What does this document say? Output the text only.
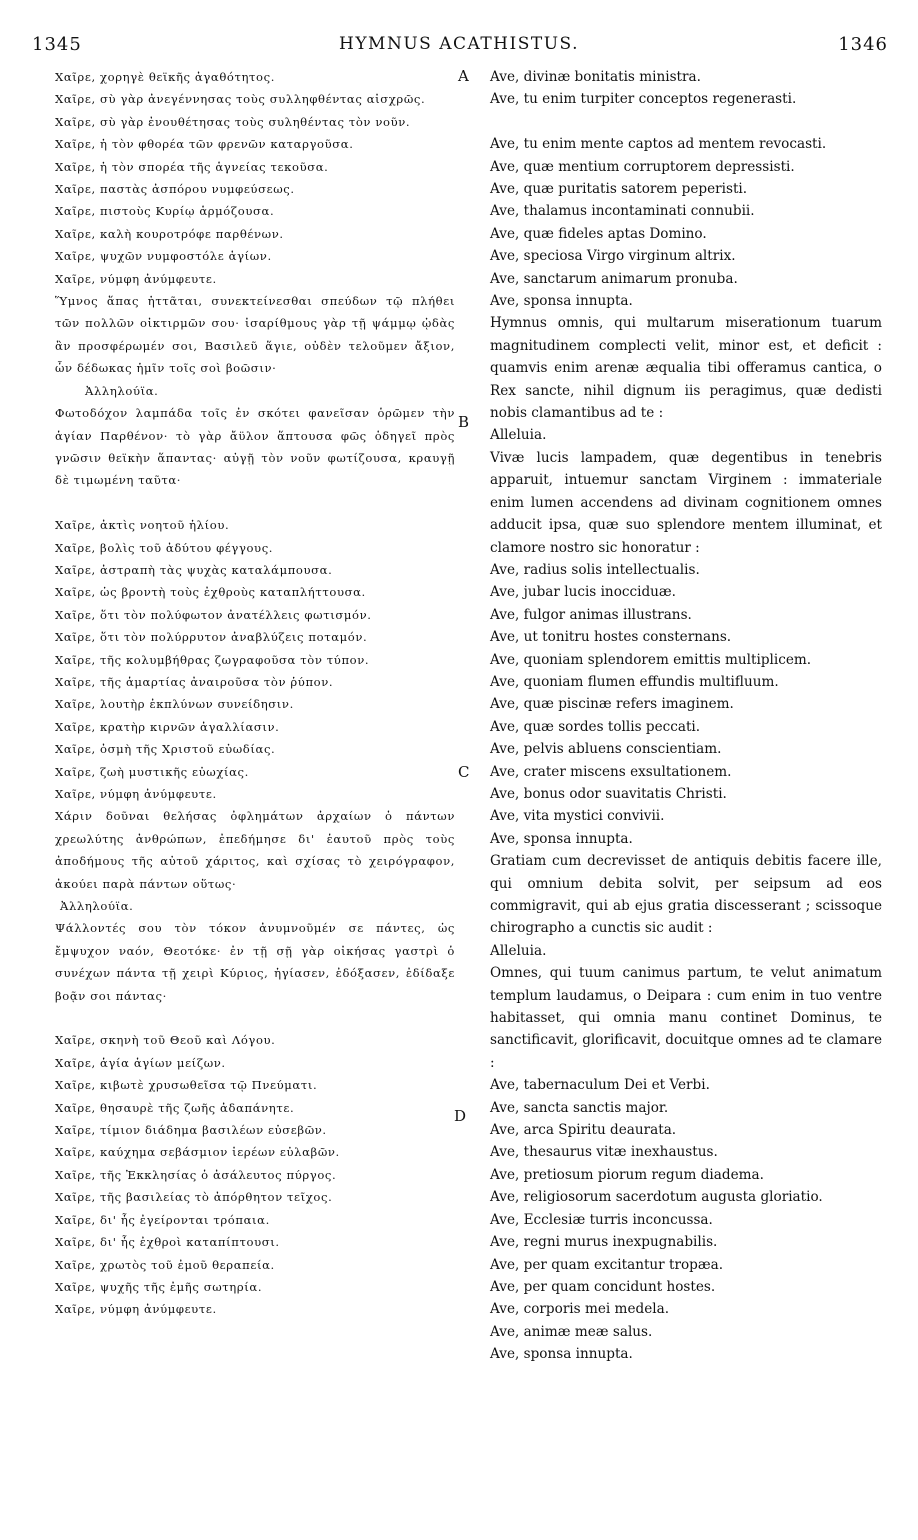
1345	HYMNUS ACATHISTUS.	1346
A
B
C
D

Χαῖρε, χορηγὲ θεϊκῆς ἀγαθότητος.

Χαῖρε, σὺ γὰρ ἀνεγέννησας τοὺς συλληφθέντας αἰσχρῶς.

Χαῖρε, σὺ γὰρ ἐνουθέτησας τοὺς συληθέντας τὸν νοῦν.

Χαῖρε, ἡ τὸν φθορέα τῶν φρενῶν καταργοῦσα.

Χαῖρε, ἡ τὸν σπορέα τῆς ἁγνείας τεκοῦσα.

Χαῖρε, παστὰς ἀσπόρου νυμφεύσεως.

Χαῖρε, πιστοὺς Κυρίῳ ἁρμόζουσα.

Χαῖρε, καλὴ κουροτρόφε παρθένων.

Χαῖρε, ψυχῶν νυμφοστόλε ἁγίων.

Χαῖρε, νύμφη ἀνύμφευτε.

Ὕμνος ἅπας ἡττᾶται, συνεκτείνεσθαι σπεύδων τῷ πλήθει τῶν πολλῶν οἰκτιρμῶν σου· ἰσαρίθμους γὰρ τῇ ψάμμῳ ᾠδὰς ἂν προσφέρωμέν σοι, Βασιλεῦ ἅγιε, οὐδὲν τελοῦμεν ἄξιον, ὧν δέδωκας ἡμῖν τοῖς σοὶ βοῶσιν·

Ἀλληλούϊα.

Φωτοδόχον λαμπάδα τοῖς ἐν σκότει φανεῖσαν ὁρῶμεν τὴν ἁγίαν Παρθένον· τὸ γὰρ ἄϋλον ἅπτουσα φῶς ὁδηγεῖ πρὸς γνῶσιν θεϊκὴν ἅπαντας· αὐγῇ τὸν νοῦν φωτίζουσα, κραυγῇ δὲ τιμωμένη ταῦτα·

Χαῖρε, ἀκτὶς νοητοῦ ἡλίου.

Χαῖρε, βολὶς τοῦ ἀδύτου φέγγους.

Χαῖρε, ἀστραπὴ τὰς ψυχὰς καταλάμπουσα.

Χαῖρε, ὡς βροντὴ τοὺς ἐχθροὺς καταπλήττουσα.

Χαῖρε, ὅτι τὸν πολύφωτον ἀνατέλλεις φωτισμόν.

Χαῖρε, ὅτι τὸν πολύρρυτον ἀναβλύζεις ποταμόν.

Χαῖρε, τῆς κολυμβήθρας ζωγραφοῦσα τὸν τύπον.

Χαῖρε, τῆς ἁμαρτίας ἀναιροῦσα τὸν ῥύπον.

Χαῖρε, λουτὴρ ἐκπλύνων συνείδησιν.

Χαῖρε, κρατὴρ κιρνῶν ἀγαλλίασιν.

Χαῖρε, ὀσμὴ τῆς Χριστοῦ εὐωδίας.

Χαῖρε, ζωὴ μυστικῆς εὐωχίας.

Χαῖρε, νύμφη ἀνύμφευτε.

Χάριν δοῦναι θελήσας ὀφλημάτων ἀρχαίων ὁ πάντων χρεωλύτης ἀνθρώπων, ἐπεδήμησε δι' ἑαυτοῦ πρὸς τοὺς ἀποδήμους τῆς αὐτοῦ χάριτος, καὶ σχίσας τὸ χειρόγραφον, ἀκούει παρὰ πάντων οὕτως·

Ἀλληλούϊα.

Ψάλλοντές σου τὸν τόκον ἀνυμνοῦμέν σε πάντες, ὡς ἔμψυχον ναόν, Θεοτόκε· ἐν τῇ σῇ γὰρ οἰκήσας γαστρὶ ὁ συνέχων πάντα τῇ χειρὶ Κύριος, ἡγίασεν, ἐδόξασεν, ἐδίδαξε βοᾷν σοι πάντας·

Χαῖρε, σκηνὴ τοῦ Θεοῦ καὶ Λόγου.

Χαῖρε, ἁγία ἁγίων μείζων.

Χαῖρε, κιβωτὲ χρυσωθεῖσα τῷ Πνεύματι.

Χαῖρε, θησαυρὲ τῆς ζωῆς ἀδαπάνητε.

Χαῖρε, τίμιον διάδημα βασιλέων εὐσεβῶν.

Χαῖρε, καύχημα σεβάσμιον ἱερέων εὐλαβῶν.

Χαῖρε, τῆς Ἐκκλησίας ὁ ἀσάλευτος πύργος.

Χαῖρε, τῆς βασιλείας τὸ ἀπόρθητον τεῖχος.

Χαῖρε, δι' ἧς ἐγείρονται τρόπαια.

Χαῖρε, δι' ἧς ἐχθροὶ καταπίπτουσι.

Χαῖρε, χρωτὸς τοῦ ἐμοῦ θεραπεία.

Χαῖρε, ψυχῆς τῆς ἐμῆς σωτηρία.

Χαῖρε, νύμφη ἀνύμφευτε.

Ave, divinæ bonitatis ministra.

Ave, tu enim turpiter conceptos regenerasti.

Ave, tu enim mente captos ad mentem revocasti.

Ave, quæ mentium corruptorem depressisti.

Ave, quæ puritatis satorem peperisti.

Ave, thalamus incontaminati connubii.

Ave, quæ fideles aptas Domino.

Ave, speciosa Virgo virginum altrix.

Ave, sanctarum animarum pronuba.

Ave, sponsa innupta.

Hymnus omnis, qui multarum miserationum tuarum magnitudinem complecti velit, minor est, et deficit : quamvis enim arenæ æqualia tibi offeramus cantica, o Rex sancte, nihil dignum iis peragimus, quæ dedisti nobis clamantibus ad te :

Alleluia.

Vivæ lucis lampadem, quæ degentibus in tenebris apparuit, intuemur sanctam Virginem : immateriale enim lumen accendens ad divinam cognitionem omnes adducit ipsa, quæ suo splendore mentem illuminat, et clamore nostro sic honoratur :

Ave, radius solis intellectualis.

Ave, jubar lucis inocciduæ.

Ave, fulgor animas illustrans.

Ave, ut tonitru hostes consternans.

Ave, quoniam splendorem emittis multiplicem.

Ave, quoniam flumen effundis multifluum.

Ave, quæ piscinæ refers imaginem.

Ave, quæ sordes tollis peccati.

Ave, pelvis abluens conscientiam.

Ave, crater miscens exsultationem.

Ave, bonus odor suavitatis Christi.

Ave, vita mystici convivii.

Ave, sponsa innupta.

Gratiam cum decrevisset de antiquis debitis facere ille, qui omnium debita solvit, per seipsum ad eos commigravit, qui ab ejus gratia discesserant ; scissoque chirographo a cunctis sic audit :

Alleluia.

Omnes, qui tuum canimus partum, te velut animatum templum laudamus, o Deipara : cum enim in tuo ventre habitasset, qui omnia manu continet Dominus, te sanctificavit, glorificavit, docuitque omnes ad te clamare :

Ave, tabernaculum Dei et Verbi.

Ave, sancta sanctis major.

Ave, arca Spiritu deaurata.

Ave, thesaurus vitæ inexhaustus.

Ave, pretiosum piorum regum diadema.

Ave, religiosorum sacerdotum augusta gloriatio.

Ave, Ecclesiæ turris inconcussa.

Ave, regni murus inexpugnabilis.

Ave, per quam excitantur tropæa.

Ave, per quam concidunt hostes.

Ave, corporis mei medela.

Ave, animæ meæ salus.

Ave, sponsa innupta.
